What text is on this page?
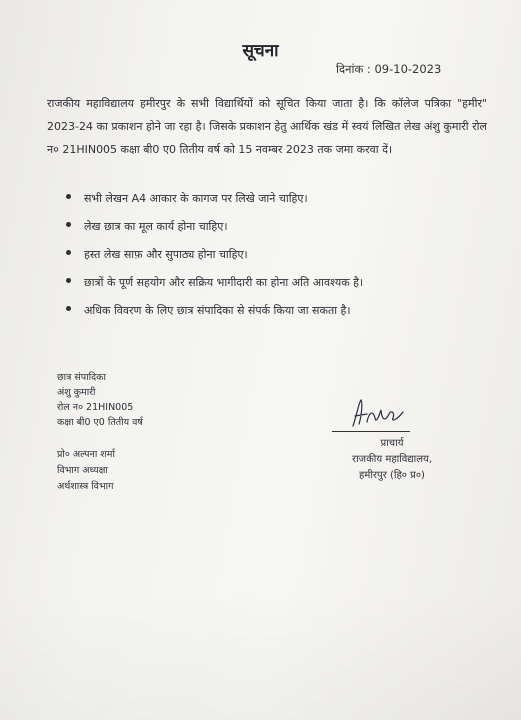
सूचना
दिनांक : 09-10-2023
राजकीय महाविद्यालय हमीरपुर के सभी विद्यार्थियों को सूचित किया जाता है। कि कॉलेज पत्रिका "हमीर" 2023-24 का प्रकाशन होने जा रहा है। जिसके प्रकाशन हेतु आर्थिक खंड में स्वयं लिखित लेख अंशु कुमारी रोल न० 21HIN005 कक्षा बी0 ए0 तितीय वर्ष को 15 नवम्बर 2023 तक जमा करवा दें।
सभी लेखन A4 आकार के कागज पर लिखे जाने चाहिए।
लेख छात्र का मूल कार्य होना चाहिए।
हस्त लेख साफ़ और सुपाठ्य होना चाहिए।
छात्रों के पूर्ण सहयोग और सक्रिय भागीदारी का होना अति आवश्यक है।
अधिक विवरण के लिए छात्र संपादिका से संपर्क किया जा सकता है।
छात्र संपादिका
अंशु कुमारी
रोल न० 21HIN005
कक्षा बी0 ए0 तितीय वर्ष
प्रो० अल्पना शर्मा
विभाग अध्यक्षा
अर्थशास्त्र विभाग
प्राचार्य
राजकीय महाविद्यालय,
हमीरपुर (हि० प्र०)
